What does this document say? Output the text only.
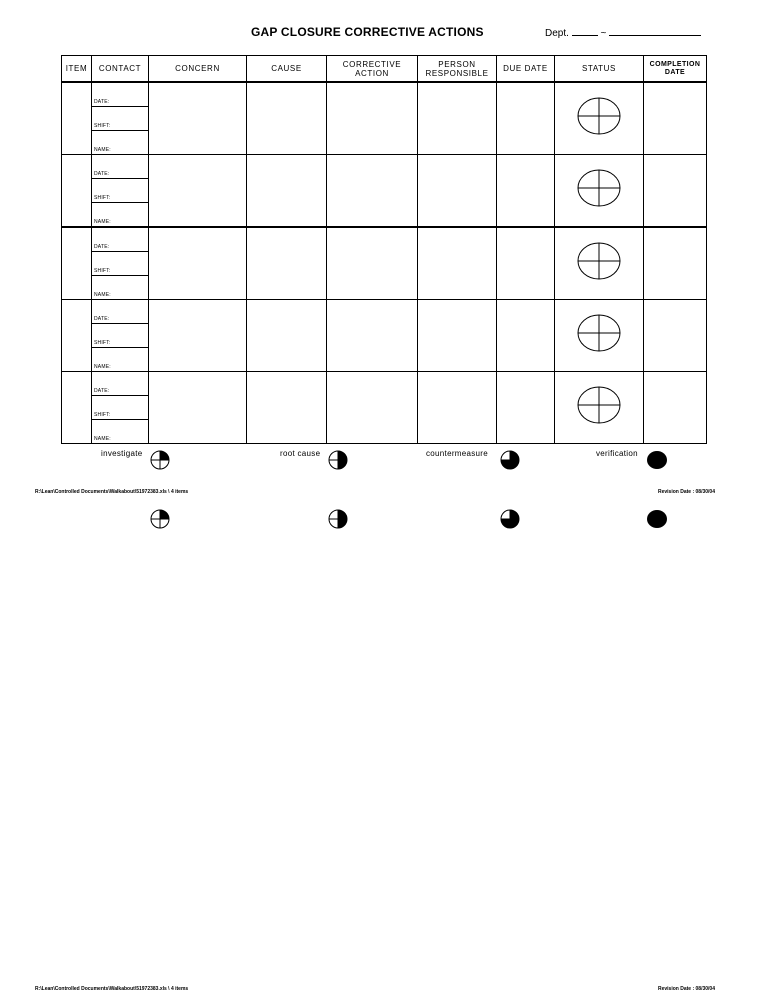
GAP CLOSURE CORRECTIVE ACTIONS	Dept.	~
ITEM	CONTACT	CONCERN	CAUSE	CORRECTIVE ACTION	PERSON RESPONSIBLE	DUE DATE	STATUS	COMPLETION DATE

	DATE:
SHIFT:
NAME:

	DATE:
SHIFT:
NAME:

	DATE:
SHIFT:
NAME:

	DATE:
SHIFT:
NAME:

	DATE:
SHIFT:
NAME:

investigate	root cause	countermeasure	verification
R:\Lean\Controlled Documents\Walkabout\51972383.xls \ 4 items	Revision Date : 08/30/04
R:\Lean\Controlled Documents\Walkabout\51972383.xls \ 4 items	Revision Date : 08/30/04
